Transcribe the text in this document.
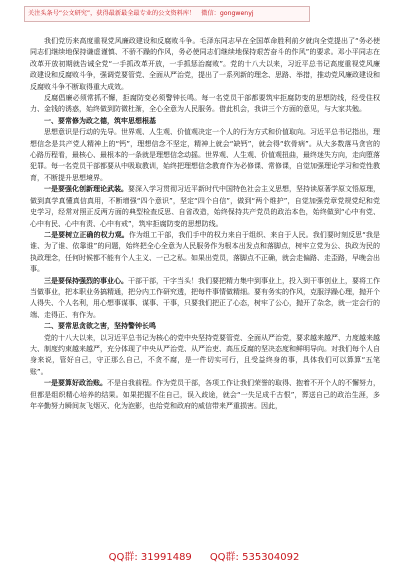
关注头条号“公文研究”，获得最新最全最专业的公文资料库！ 微信：gongwenyj

我们党历来高度重视党风廉政建设和反腐败斗争。毛泽东同志早在全国革命胜利前夕就向全党提出了“务必使同志们继续地保持谦虚谨慎、不骄不躁的作风，务必使同志们继续地保持艰苦奋斗的作风”的要求。邓小平同志在改革开放初期就告诫全党“一手抓改革开放，一手抓惩治腐败”。党的十八大以来，习近平总书记高度重视党风廉政建设和反腐败斗争，强调党要管党、全面从严治党，提出了一系列新的理念、思路、举措，推动党风廉政建设和反腐败斗争不断取得重大成效。

反腐倡廉必须常抓不懈，拒腐防变必须警钟长鸣。每一名党员干部都要筑牢拒腐防变的思想防线，经受住权力、金钱的诱惑，始终做到防微杜渐，全心全意为人民服务。借此机会，我讲三个方面的意见，与大家共勉。

一、要常修为政之德，筑牢思想根基

思想意识是行动的先导。世界观、人生观、价值观决定一个人的行为方式和价值取向。习近平总书记指出，理想信念是共产党人精神上的“钙”，理想信念不坚定，精神上就会“缺钙”，就会得“软骨病”。从大多数落马贪官的心路历程看，最核心、最根本的一条就是理想信念动摇。世界观、人生观、价值观扭曲，最终迷失方向，走向堕落犯罪。每一名党员干部都要从中吸取教训，始终把理想信念教育作为必修课、常修课，自觉加强理论学习和党性教育，不断提升思想境界。

一是要强化创新理论武装。要深入学习贯彻习近平新时代中国特色社会主义思想，坚持读原著学原文悟原理，做到真学真懂真信真用，不断增强“四个意识”，坚定“四个自信”，做到“两个维护”，自觉加强党章党规党纪和党史学习，经常对照正反两方面的典型检查反思、自省改造，始终保持共产党员的政治本色，始终做到“心中有党、心中有民、心中有责、心中有戒”，筑牢拒腐防变的思想防线。

二是要树立正确的权力观。作为组工干部，我们手中的权力来自于组织、来自于人民。我们要时刻反思“我是谁、为了谁、依靠谁”的问题，始终把全心全意为人民服务作为根本出发点和落脚点，树牢立党为公、执政为民的执政理念，任何时候都不能有个人主义、一己之私。如果出党员，落脚点不正确，就会走偏路、走歪路，早晚会出事。

三是要保持强烈的事业心。干部干部，干字当头！我们要把精力集中到事业上，投入到干事创业上，要将工作当做事业，把本职业务搞精通，把分内工作研究透，把每件事情做精细。要有务实的作风，克服浮躁心理，抛开个人得失、个人名利，用心想事谋事、谋事、干事，只要我们把正了心态，树牢了公心，抛开了杂念，就一定会行的端、走得正、有作为。

二、要常思贪欲之害，坚持警钟长鸣

党的十八大以来，以习近平总书记为核心的党中央坚持党要管党、全面从严治党，要求越来越严、力度越来越大、制度约束越来越严，充分体现了中央从严治党、从严治吏、高压反腐的坚决态度和鲜明导向。对我们每个人自身来说，管好自己，守正那么自己，不贪不腐，是一件切实可行，且受益终身的事，具体我们可以算算“五笔账”。

一是要算好政治账。不是自我前程。作为党员干部，各项工作让我们荣誉的取得、抱着不开个人的不懈努力，但都是组织精心培养的结果。如果把握不住自己，误入歧途，就会“一失足成千古恨”，葬送自己的政治生涯，多年辛勤努力瞬间灰飞烟灭、化为泡影，也给党和政府的威信带来严重损害。因此，

QQ群: 31991489 QQ群: 535304092
